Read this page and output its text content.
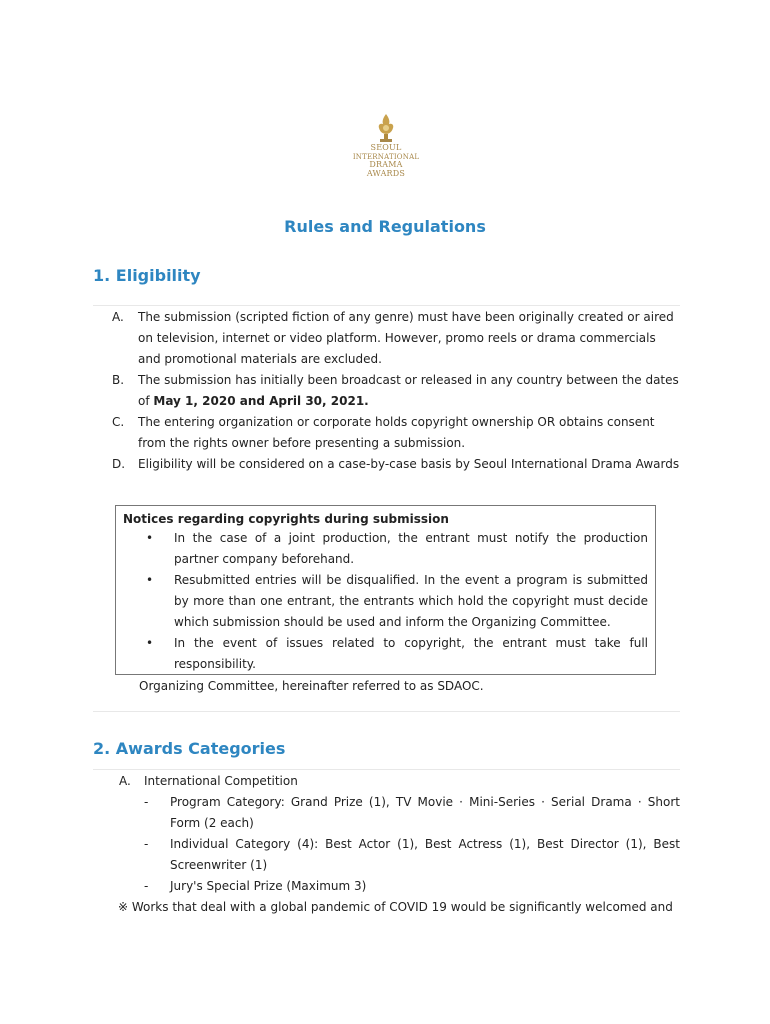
SEOUL
INTERNATIONAL
DRAMA
AWARDS
Rules and Regulations
1. Eligibility
A. The submission (scripted fiction of any genre) must have been originally created or aired on television, internet or video platform. However, promo reels or drama commercials and promotional materials are excluded.
B. The submission has initially been broadcast or released in any country between the dates of May 1, 2020 and April 30, 2021.
C. The entering organization or corporate holds copyright ownership OR obtains consent from the rights owner before presenting a submission.
D. Eligibility will be considered on a case-by-case basis by Seoul International Drama Awards
Notices regarding copyrights during submission
• In the case of a joint production, the entrant must notify the production partner company beforehand.
• Resubmitted entries will be disqualified. In the event a program is submitted by more than one entrant, the entrants which hold the copyright must decide which submission should be used and inform the Organizing Committee.
• In the event of issues related to copyright, the entrant must take full responsibility.
Organizing Committee, hereinafter referred to as SDAOC.
2. Awards Categories
A. International Competition
- Program Category: Grand Prize (1), TV Movie · Mini-Series · Serial Drama · Short Form (2 each)
- Individual Category (4): Best Actor (1), Best Actress (1), Best Director (1), Best Screenwriter (1)
- Jury's Special Prize (Maximum 3)
※ Works that deal with a global pandemic of COVID 19 would be significantly welcomed and
